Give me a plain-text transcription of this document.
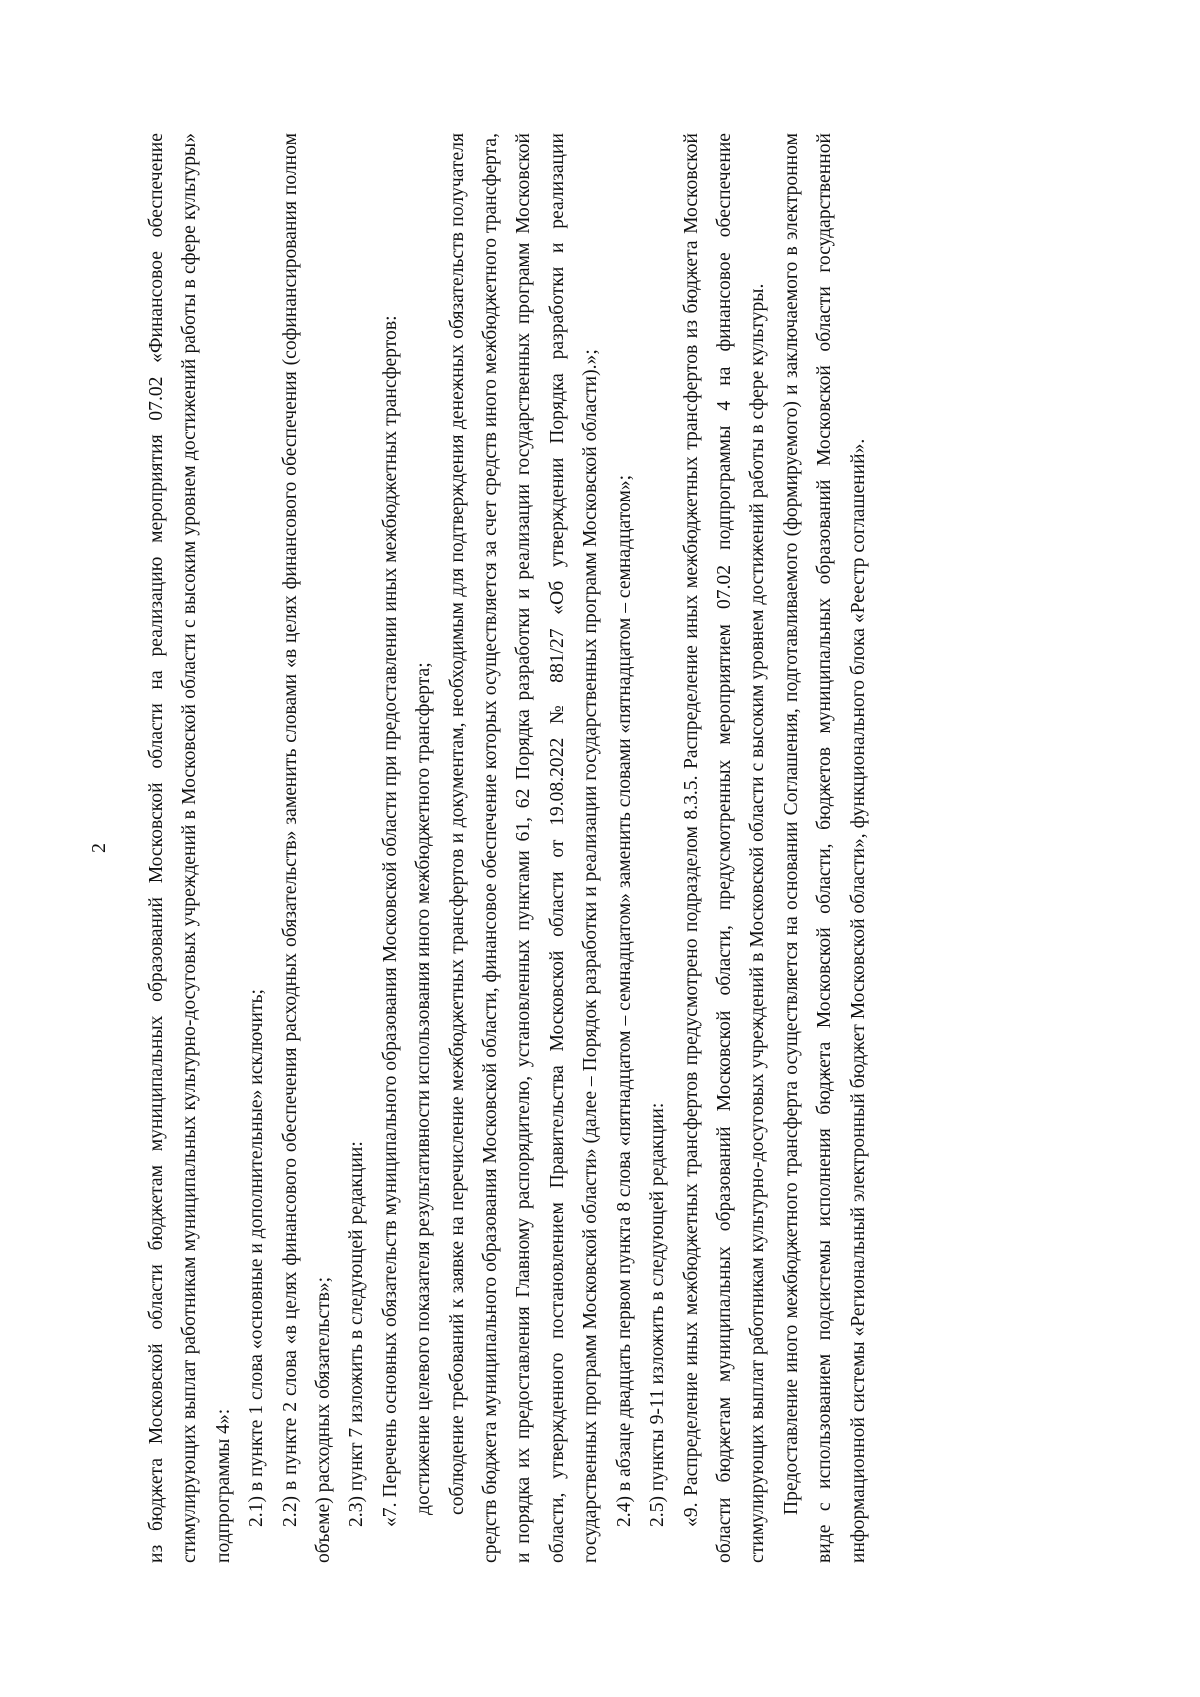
2	из бюджета Московской области бюджетам муниципальных образований Московской области на реализацию мероприятия 07.02 «Финансовое обеспечение стимулирующих выплат работникам муниципальных культурно-досуговых учреждений в Московской области с высоким уровнем достижений работы в сфере культуры» подпрограммы 4»: 2.1) в пункте 1 слова «основные и дополнительные» исключить; 2.2) в пункте 2 слова «в целях финансового обеспечения расходных обязательств» заменить словами «в целях финансового обеспечения (софинансирования полном объеме) расходных обязательств»; 2.3) пункт 7 изложить в следующей редакции: «7. Перечень основных обязательств муниципального образования Московской области при предоставлении иных межбюджетных трансфертов: достижение целевого показателя результативности использования иного межбюджетного трансферта; соблюдение требований к заявке на перечисление межбюджетных трансфертов и документам, необходимым для подтверждения денежных обязательств получателя средств бюджета муниципального образования Московской области, финансовое обеспечение которых осуществляется за счет средств иного межбюджетного трансферта, и порядка их предоставления Главному распорядителю, установленных пунктами 61, 62 Порядка разработки и реализации государственных программ Московской области, утвержденного постановлением Правительства Московской области от 19.08.2022 № 881/27 «Об утверждении Порядка разработки и реализации государственных программ Московской области» (далее – Порядок разработки и реализации государственных программ Московской области).»; 2.4) в абзаце двадцать первом пункта 8 слова «пятнадцатом – семнадцатом» заменить словами «пятнадцатом – семнадцатом»; 2.5) пункты 9-11 изложить в следующей редакции: «9. Распределение иных межбюджетных трансфертов предусмотрено подразделом 8.3.5. Распределение иных межбюджетных трансфертов из бюджета Московской области бюджетам муниципальных образований Московской области, предусмотренных мероприятием 07.02 подпрограммы 4 на финансовое обеспечение стимулирующих выплат работникам культурно-досуговых учреждений в Московской области с высоким уровнем достижений работы в сфере культуры. Предоставление иного межбюджетного трансферта осуществляется на основании Соглашения, подготавливаемого (формируемого) и заключаемого в электронном виде с использованием подсистемы исполнения бюджета Московской области, бюджетов муниципальных образований Московской области государственной информационной системы «Региональный электронный бюджет Московской области», функционального блока «Реестр соглашений».
